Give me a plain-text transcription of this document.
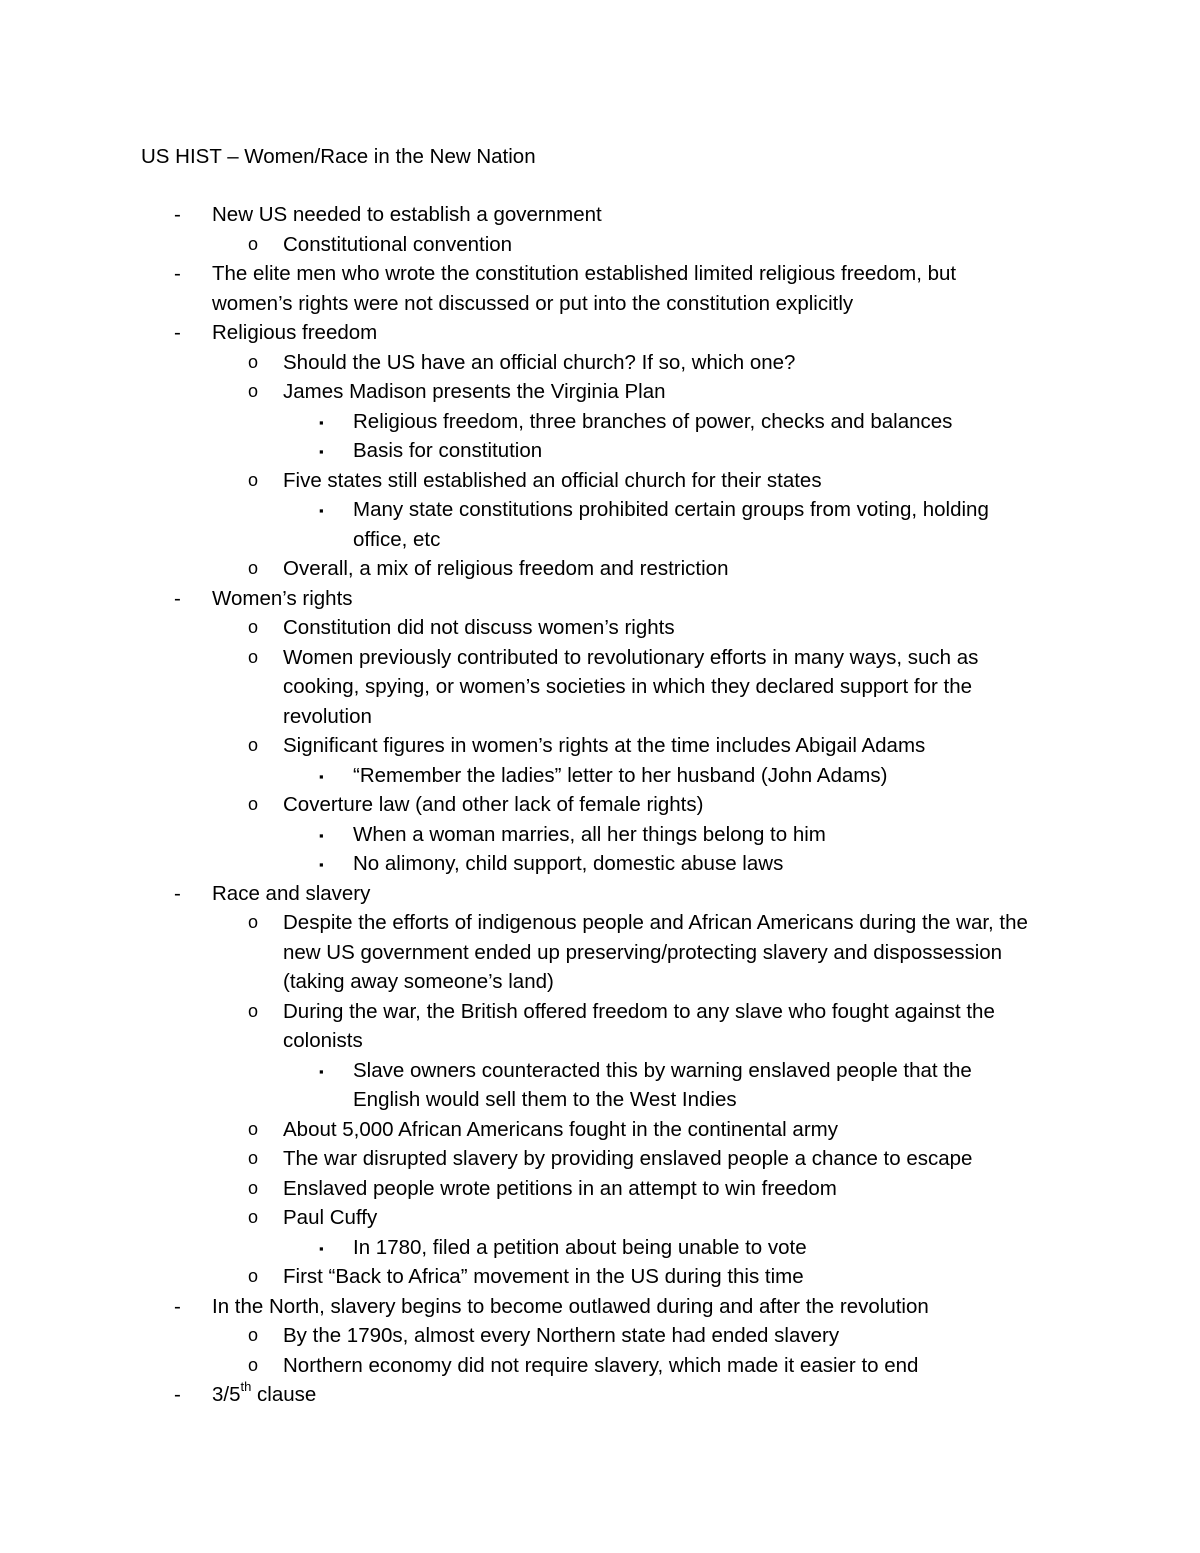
US HIST – Women/Race in the New Nation
- New US needed to establish a government
o Constitutional convention
- The elite men who wrote the constitution established limited religious freedom, but women’s rights were not discussed or put into the constitution explicitly
- Religious freedom
o Should the US have an official church? If so, which one?
o James Madison presents the Virginia Plan
▪ Religious freedom, three branches of power, checks and balances
▪ Basis for constitution
o Five states still established an official church for their states
▪ Many state constitutions prohibited certain groups from voting, holding office, etc
o Overall, a mix of religious freedom and restriction
- Women’s rights
o Constitution did not discuss women’s rights
o Women previously contributed to revolutionary efforts in many ways, such as cooking, spying, or women’s societies in which they declared support for the revolution
o Significant figures in women’s rights at the time includes Abigail Adams
▪ “Remember the ladies” letter to her husband (John Adams)
o Coverture law (and other lack of female rights)
▪ When a woman marries, all her things belong to him
▪ No alimony, child support, domestic abuse laws
- Race and slavery
o Despite the efforts of indigenous people and African Americans during the war, the new US government ended up preserving/protecting slavery and dispossession (taking away someone’s land)
o During the war, the British offered freedom to any slave who fought against the colonists
▪ Slave owners counteracted this by warning enslaved people that the English would sell them to the West Indies
o About 5,000 African Americans fought in the continental army
o The war disrupted slavery by providing enslaved people a chance to escape
o Enslaved people wrote petitions in an attempt to win freedom
o Paul Cuffy
▪ In 1780, filed a petition about being unable to vote
o First “Back to Africa” movement in the US during this time
- In the North, slavery begins to become outlawed during and after the revolution
o By the 1790s, almost every Northern state had ended slavery
o Northern economy did not require slavery, which made it easier to end
- 3/5th clause
